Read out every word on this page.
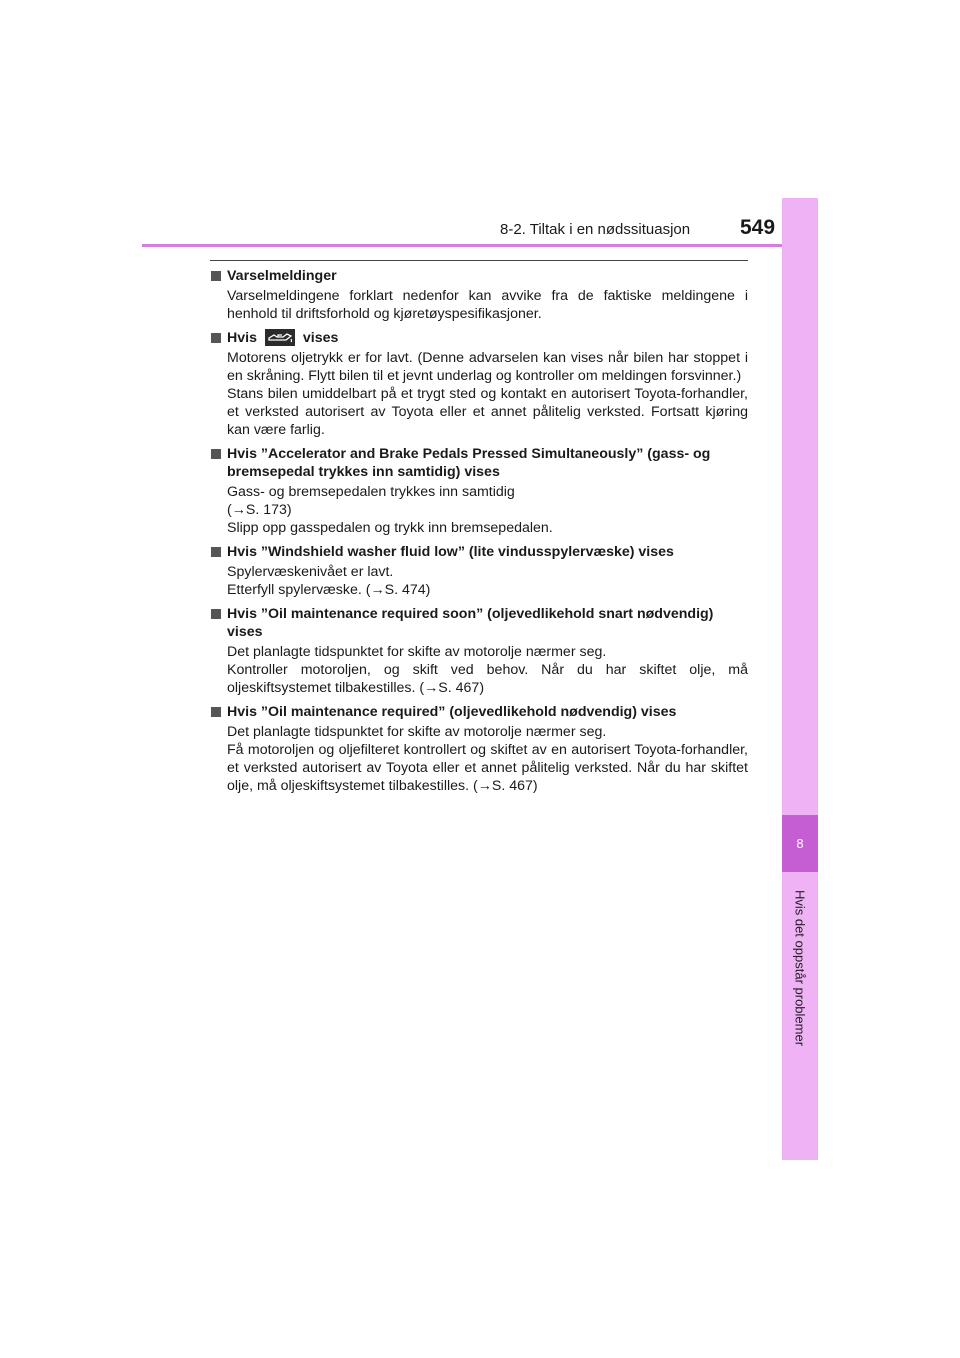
8-2. Tiltak i en nødssituasjon 549
8
Hvis det oppstår problemer
Varselmeldinger

Varselmeldingene forklart nedenfor kan avvike fra de faktiske meldingene i henhold til driftsforhold og kjøretøyspesifikasjoner.

Hvis	vises

Motorens oljetrykk er for lavt. (Denne advarselen kan vises når bilen har stoppet i en skråning. Flytt bilen til et jevnt underlag og kontroller om meldingen forsvinner.)

Stans bilen umiddelbart på et trygt sted og kontakt en autorisert Toyota-forhandler, et verksted autorisert av Toyota eller et annet pålitelig verksted. Fortsatt kjøring kan være farlig.

Hvis ”Accelerator and Brake Pedals Pressed Simultaneously” (gass- og bremsepedal trykkes inn samtidig) vises

Gass- og bremsepedalen trykkes inn samtidig

(→S. 173)

Slipp opp gasspedalen og trykk inn bremsepedalen.

Hvis ”Windshield washer fluid low” (lite vindusspylervæske) vises

Spylervæskenivået er lavt.

Etterfyll spylervæske. (→S. 474)

Hvis ”Oil maintenance required soon” (oljevedlikehold snart nødvendig) vises

Det planlagte tidspunktet for skifte av motorolje nærmer seg.

Kontroller motoroljen, og skift ved behov. Når du har skiftet olje, må oljeskiftsystemet tilbakestilles. (→S. 467)

Hvis ”Oil maintenance required” (oljevedlikehold nødvendig) vises

Det planlagte tidspunktet for skifte av motorolje nærmer seg.

Få motoroljen og oljefilteret kontrollert og skiftet av en autorisert Toyota-forhandler, et verksted autorisert av Toyota eller et annet pålitelig verksted. Når du har skiftet olje, må oljeskiftsystemet tilbakestilles. (→S. 467)
